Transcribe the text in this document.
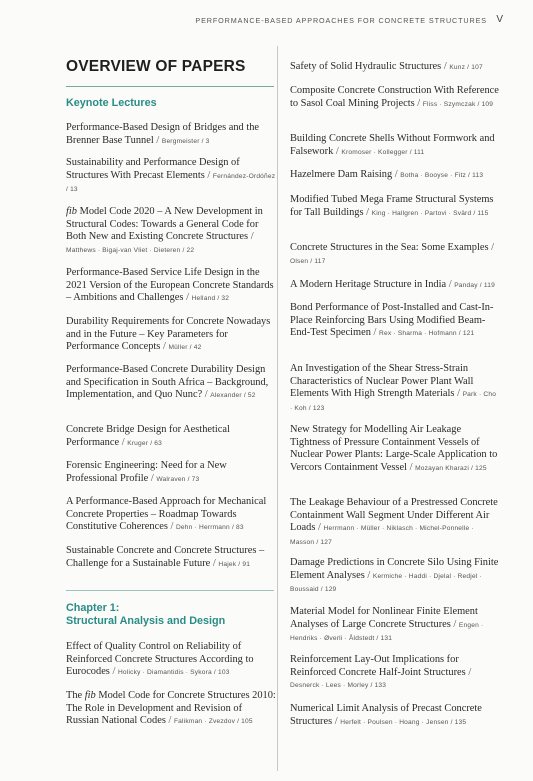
PERFORMANCE-BASED APPROACHES FOR CONCRETE STRUCTURES V
OVERVIEW OF PAPERS
Keynote Lectures

Performance-Based Design of Bridges and the Brenner Base Tunnel / Bergmeister / 3

Sustainability and Performance Design of Structures With Precast Elements / Fernández-Ordóñez / 13

fib Model Code 2020 – A New Development in Structural Codes: Towards a General Code for Both New and Existing Concrete Structures / Matthews · Bigaj-van Vliet · Dieteren / 22

Performance-Based Service Life Design in the 2021 Version of the European Concrete Standards – Ambitions and Challenges / Helland / 32

Durability Requirements for Concrete Nowadays and in the Future – Key Parameters for Performance Concepts / Müller / 42

Performance-Based Concrete Durability Design and Specification in South Africa – Background, Implementation, and Quo Nunc? / Alexander / 52

Concrete Bridge Design for Aesthetical Performance / Kruger / 63

Forensic Engineering: Need for a New Professional Profile / Walraven / 73

A Performance-Based Approach for Mechanical Concrete Properties – Roadmap Towards Constitutive Coherences / Dehn · Herrmann / 83

Sustainable Concrete and Concrete Structures – Challenge for a Sustainable Future / Hajek / 91

Chapter 1:
Structural Analysis and Design

Effect of Quality Control on Reliability of Reinforced Concrete Structures According to Eurocodes / Holicky · Diamantidis · Sykora / 103

The fib Model Code for Concrete Structures 2010: The Role in Development and Revision of Russian National Codes / Falikman · Zvezdov / 105

Safety of Solid Hydraulic Structures / Kunz / 107

Composite Concrete Construction With Reference to Sasol Coal Mining Projects / Fliss · Szymczak / 109

Building Concrete Shells Without Formwork and Falsework / Kromoser · Kollegger / 111

Hazelmere Dam Raising / Botha · Booyse · Fitz / 113

Modified Tubed Mega Frame Structural Systems for Tall Buildings / King · Hallgren · Partovi · Svärd / 115

Concrete Structures in the Sea: Some Examples / Olsen / 117

A Modern Heritage Structure in India / Panday / 119

Bond Performance of Post-Installed and Cast-In-Place Reinforcing Bars Using Modified Beam-End-Test Specimen / Rex · Sharma · Hofmann / 121

An Investigation of the Shear Stress-Strain Characteristics of Nuclear Power Plant Wall Elements With High Strength Materials / Park · Cho · Koh / 123

New Strategy for Modelling Air Leakage Tightness of Pressure Containment Vessels of Nuclear Power Plants: Large-Scale Application to Vercors Containment Vessel / Mozayan Kharazi / 125

The Leakage Behaviour of a Prestressed Concrete Containment Wall Segment Under Different Air Loads / Herrmann · Müller · Niklasch · Michel-Ponnelle · Masson / 127

Damage Predictions in Concrete Silo Using Finite Element Analyses / Kermiche · Haddi · Djelal · Redjel · Boussaid / 129

Material Model for Nonlinear Finite Element Analyses of Large Concrete Structures / Engen · Hendriks · Øverli · Åldstedt / 131

Reinforcement Lay-Out Implications for Reinforced Concrete Half-Joint Structures / Desnerck · Lees · Morley / 133

Numerical Limit Analysis of Precast Concrete Structures / Herfelt · Poulsen · Hoang · Jensen / 135
